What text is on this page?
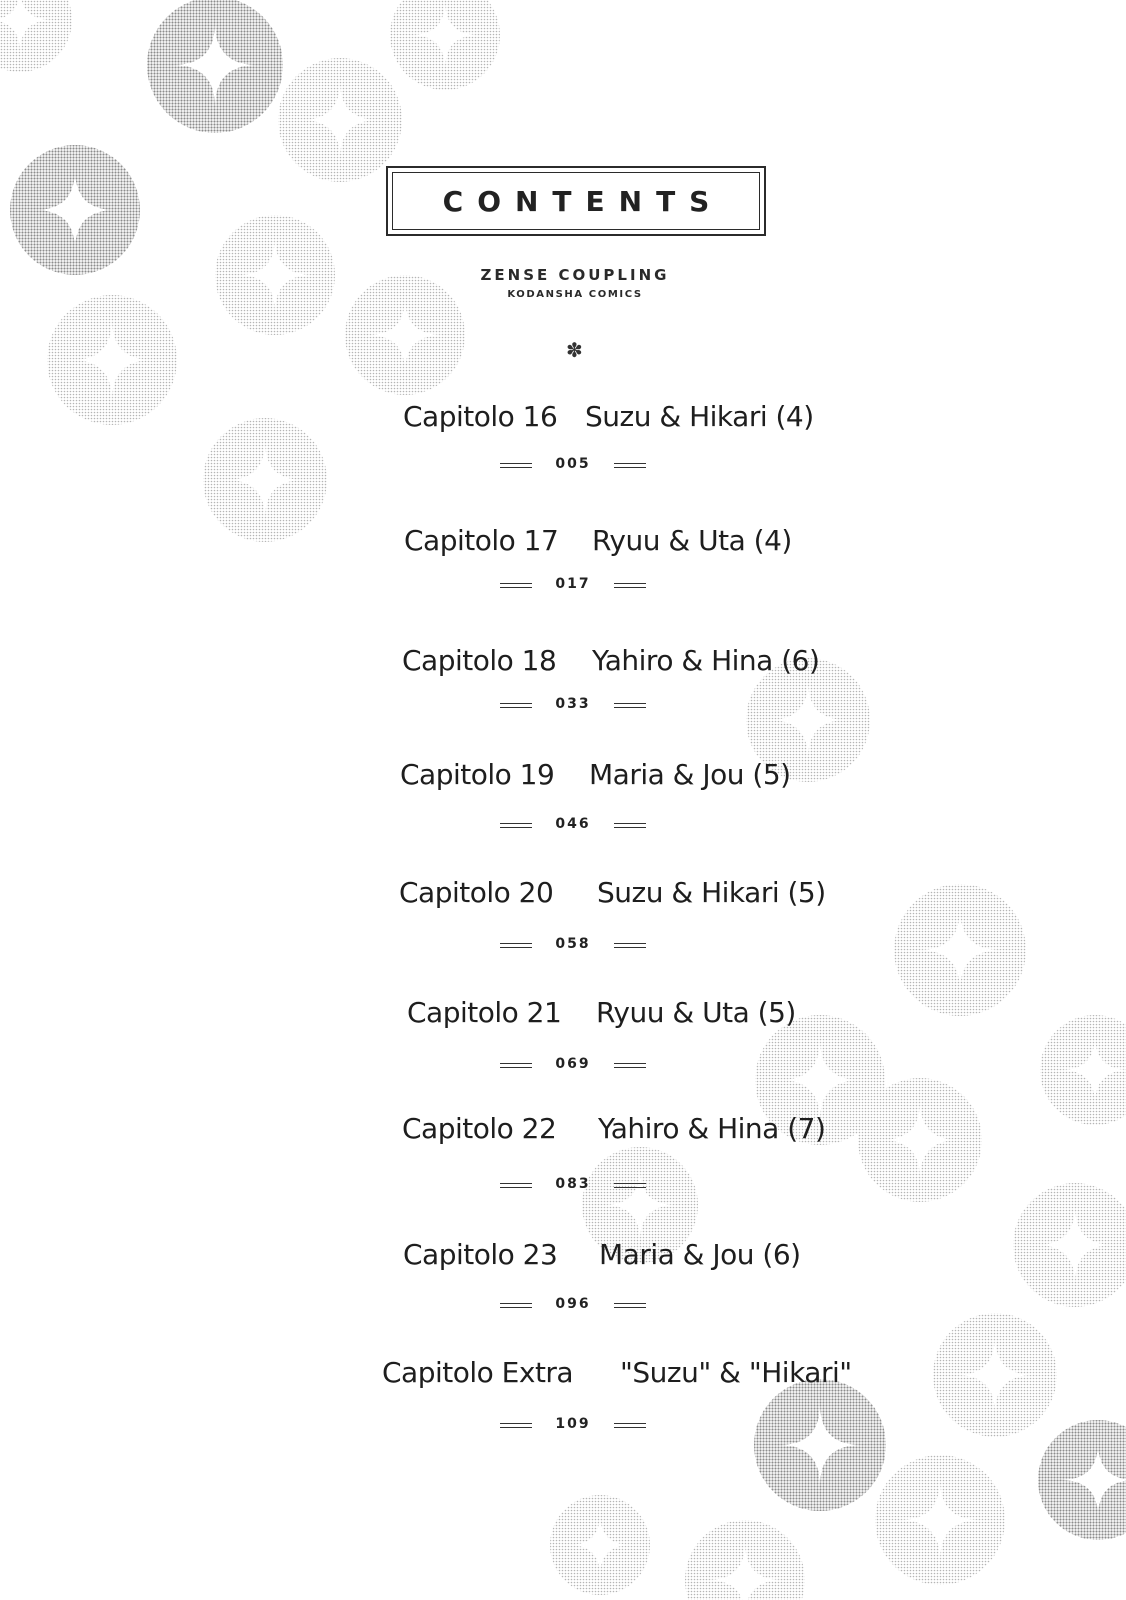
CONTENTS
ZENSE COUPLING
KODANSHA COMICS
✽
Capitolo 16 Suzu & Hikari (4)
005
Capitolo 17 Ryuu & Uta (4)
017
Capitolo 18 Yahiro & Hina (6)
033
Capitolo 19 Maria & Jou (5)
046
Capitolo 20 Suzu & Hikari (5)
058
Capitolo 21 Ryuu & Uta (5)
069
Capitolo 22 Yahiro & Hina (7)
083
Capitolo 23 Maria & Jou (6)
096
Capitolo Extra "Suzu" & "Hikari"
109
